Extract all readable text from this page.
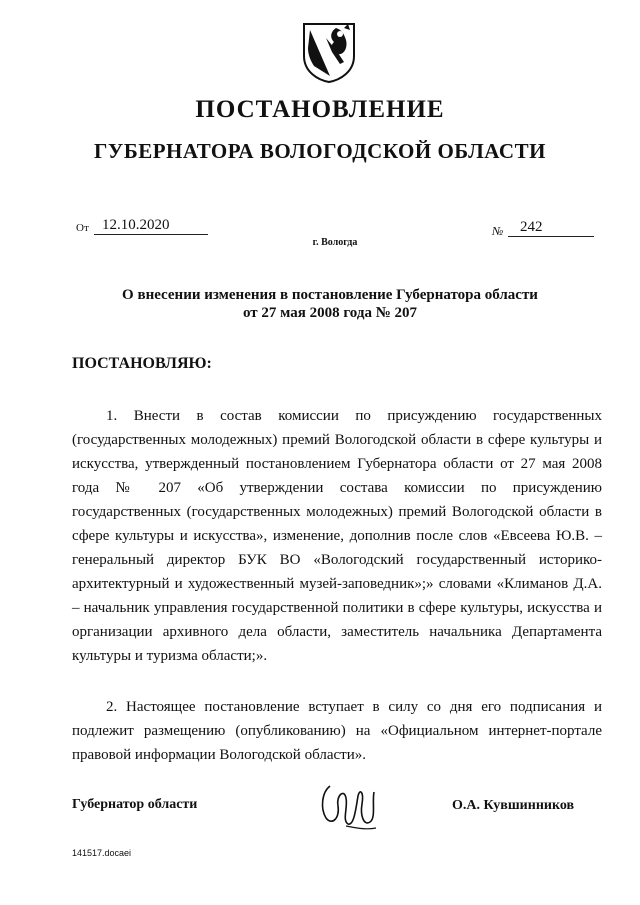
ПОСТАНОВЛЕНИЕ
ГУБЕРНАТОРА ВОЛОГОДСКОЙ ОБЛАСТИ
От 12.10.2020
г. Вологда
№	242
О внесении изменения в постановление Губернатора области
от 27 мая 2008 года № 207
ПОСТАНОВЛЯЮ:

1. Внести в состав комиссии по присуждению государственных (государственных молодежных) премий Вологодской области в сфере культуры и искусства, утвержденный постановлением Губернатора области от 27 мая 2008 года № 207 «Об утверждении состава комиссии по присуждению государственных (государственных молодежных) премий Вологодской области в сфере культуры и искусства», изменение, дополнив после слов «Евсеева Ю.В. – генеральный директор БУК ВО «Вологодский государственный историко-архитектурный и художественный музей-заповедник»;» словами «Климанов Д.А. – начальник управления государственной политики в сфере культуры, искусства и организации архивного дела области, заместитель начальника Департамента культуры и туризма области;».

2. Настоящее постановление вступает в силу со дня его подписания и подлежит размещению (опубликованию) на «Официальном интернет-портале правовой информации Вологодской области».

Губернатор области	О.А. Кувшинников
141517.docaei
